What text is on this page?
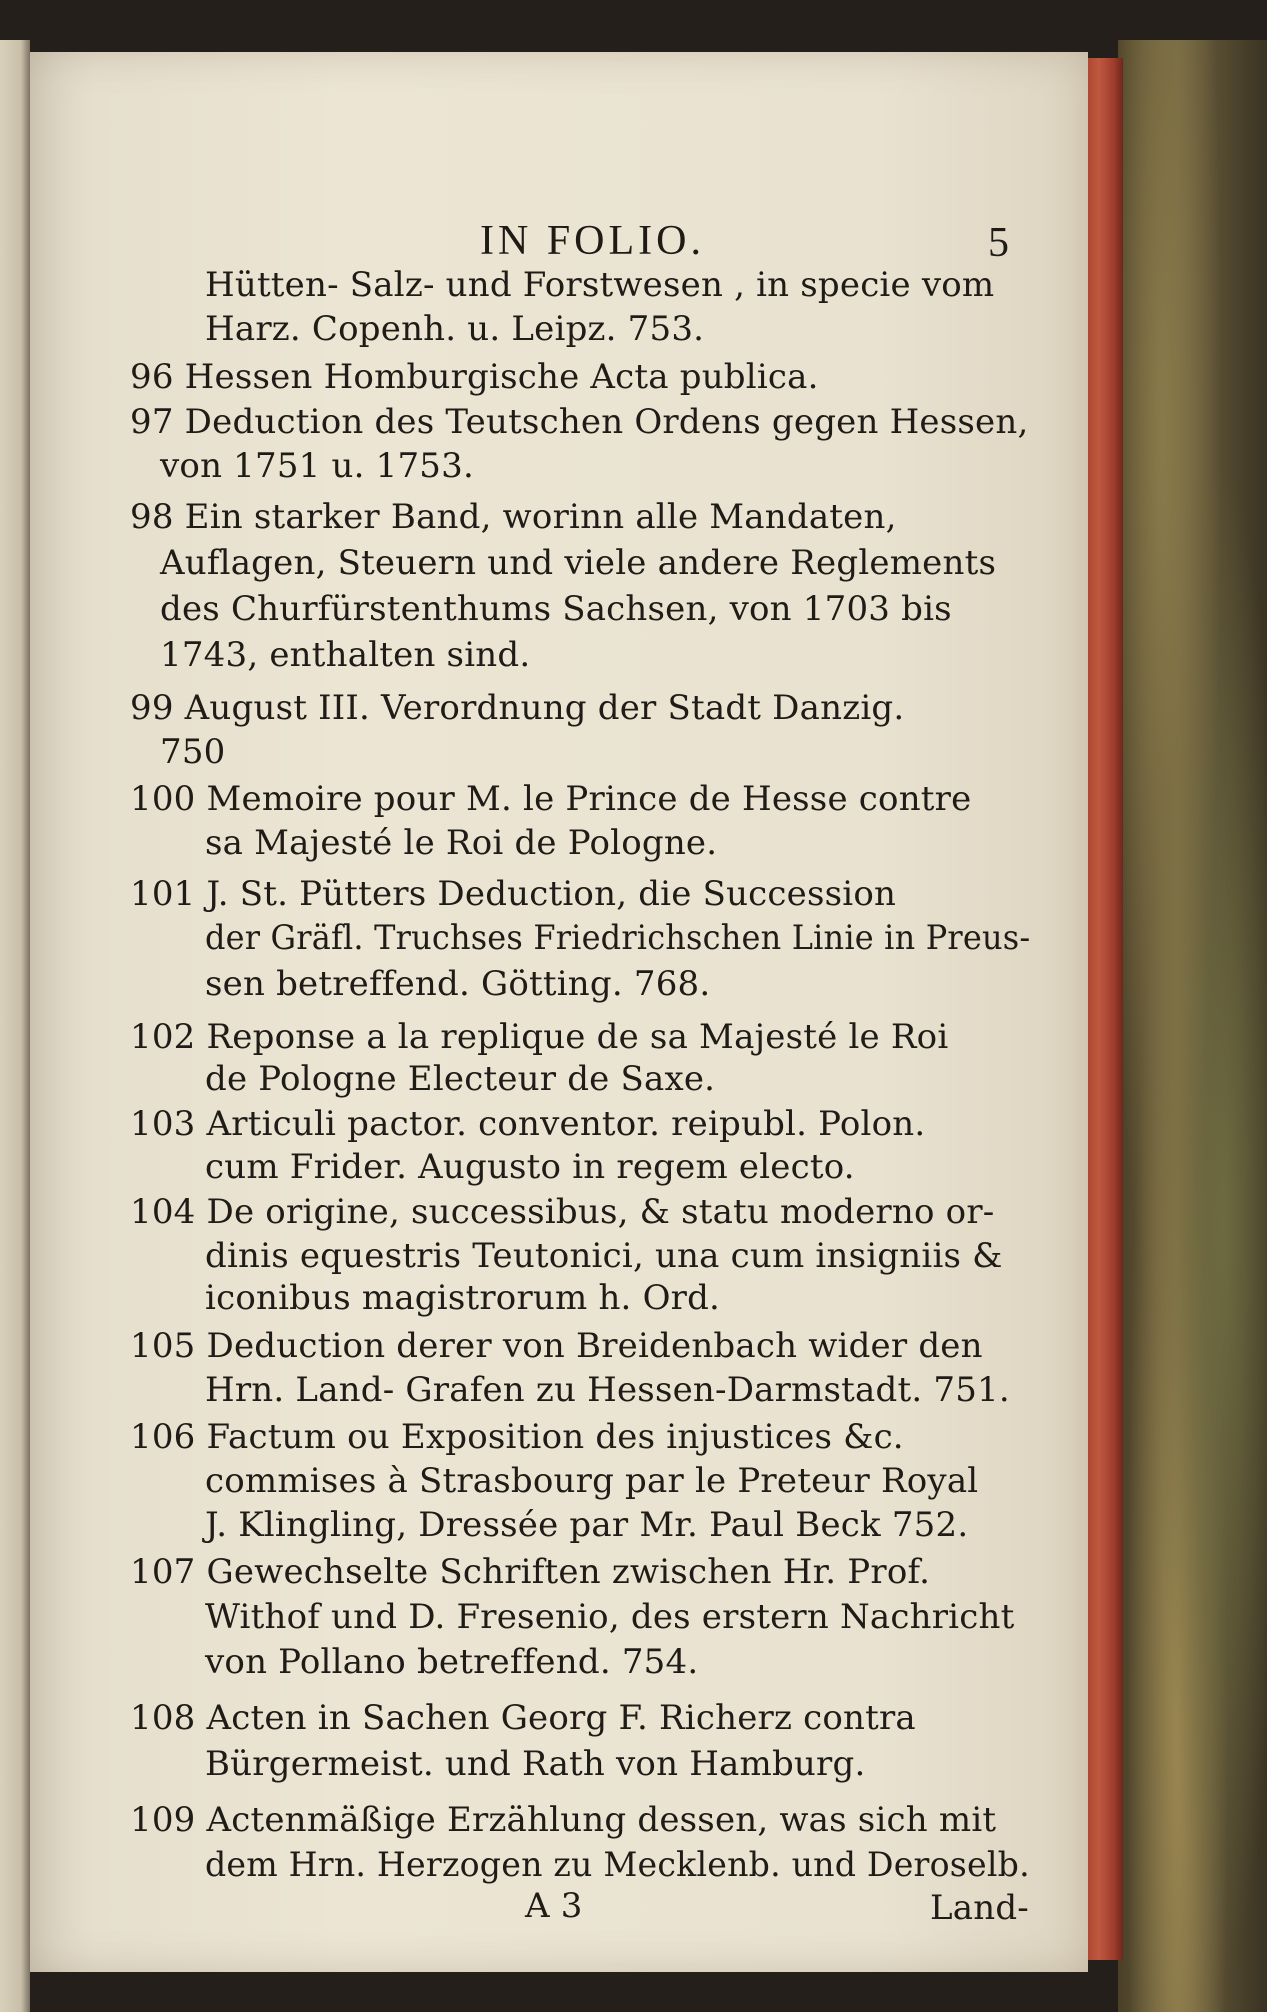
IN FOLIO.	5
Hütten- Salz- und Forstwesen , in specie vom
Harz. Copenh. u. Leipz. 753.
96 Hessen Homburgische Acta publica.
97 Deduction des Teutschen Ordens gegen Hessen,
von 1751 u. 1753.
98 Ein starker Band, worinn alle Mandaten,
Auflagen, Steuern und viele andere Reglements
des Churfürstenthums Sachsen, von 1703 bis
1743, enthalten sind.
99 August III. Verordnung der Stadt Danzig.
750
100 Memoire pour M. le Prince de Hesse contre
sa Majesté le Roi de Pologne.
101 J. St. Pütters Deduction, die Succession
der Gräfl. Truchses Friedrichschen Linie in Preus-
sen betreffend. Götting. 768.
102 Reponse a la replique de sa Majesté le Roi
de Pologne Electeur de Saxe.
103 Articuli pactor. conventor. reipubl. Polon.
cum Frider. Augusto in regem electo.
104 De origine, successibus, & statu moderno or-
dinis equestris Teutonici, una cum insigniis &
iconibus magistrorum h. Ord.
105 Deduction derer von Breidenbach wider den
Hrn. Land- Grafen zu Hessen-Darmstadt. 751.
106 Factum ou Exposition des injustices &c.
commises à Strasbourg par le Preteur Royal
J. Klingling, Dressée par Mr. Paul Beck 752.
107 Gewechselte Schriften zwischen Hr. Prof.
Withof und D. Fresenio, des erstern Nachricht
von Pollano betreffend. 754.
108 Acten in Sachen Georg F. Richerz contra
Bürgermeist. und Rath von Hamburg.
109 Actenmäßige Erzählung dessen, was sich mit
dem Hrn. Herzogen zu Mecklenb. und Deroselb.
A 3	Land-
